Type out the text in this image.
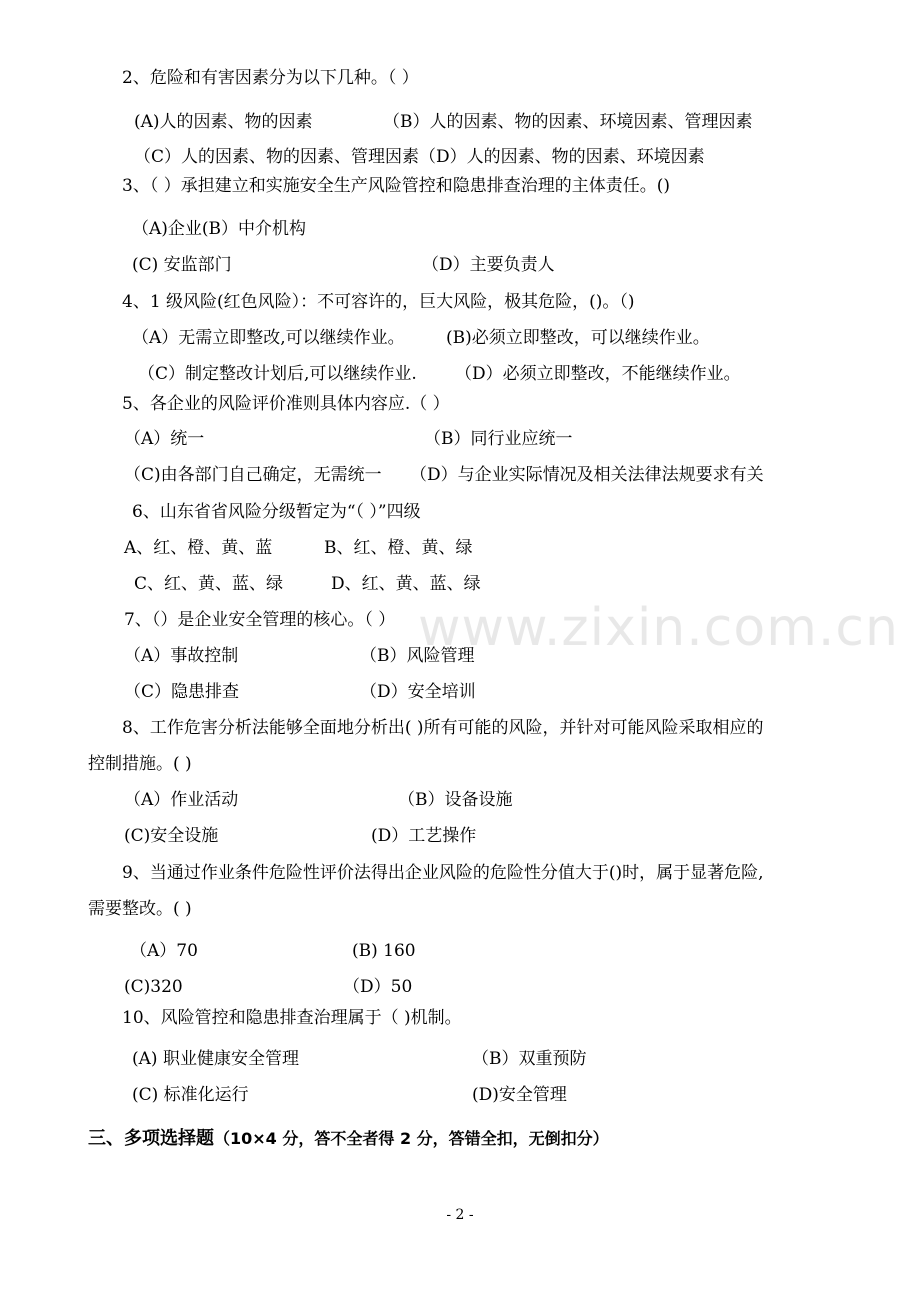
2、危险和有害因素分为以下几种。（ ）
(A)人的因素、物的因素	（B）人的因素、物的因素、环境因素、管理因素
（C）人的因素、物的因素、管理因素（D）人的因素、物的因素、环境因素
3、（ ）承担建立和实施安全生产风险管控和隐患排查治理的主体责任。()
（A)企业(B）中介机构
(C) 安监部门	（D）主要负责人
4、1 级风险(红色风险）：不可容许的，巨大风险，极其危险，()。（)
（A）无需立即整改,可以继续作业。 (B)必须立即整改，可以继续作业。
（C）制定整改计划后,可以继续作业. （D）必须立即整改，不能继续作业。
5、各企业的风险评价准则具体内容应.（ ）
（A）统一	（B）同行业应统一
（C)由各部门自己确定，无需统一 （D）与企业实际情况及相关法律法规要求有关
6、山东省省风险分级暂定为“（ ）”四级
A、红、橙、黄、蓝	B、红、橙、黄、绿
C、红、黄、蓝、绿	D、红、黄、蓝、绿
7、（）是企业安全管理的核心。（ ）
（A）事故控制	（B）风险管理
（C）隐患排查	（D）安全培训
8、工作危害分析法能够全面地分析出( )所有可能的风险，并针对可能风险采取相应的
控制措施。( )
（A）作业活动	（B）设备设施
(C)安全设施	(D）工艺操作
9、当通过作业条件危险性评价法得出企业风险的危险性分值大于()时，属于显著危险,
需要整改。( )
（A）70	(B) 160
(C)320	（D）50
10、风险管控和隐患排查治理属于（ )机制。
(A) 职业健康安全管理	（B）双重预防
(C) 标准化运行	(D)安全管理
三、多项选择题（10×4 分，答不全者得 2 分，答错全扣，无倒扣分）
- 2 -
www.zixin.com.cn
